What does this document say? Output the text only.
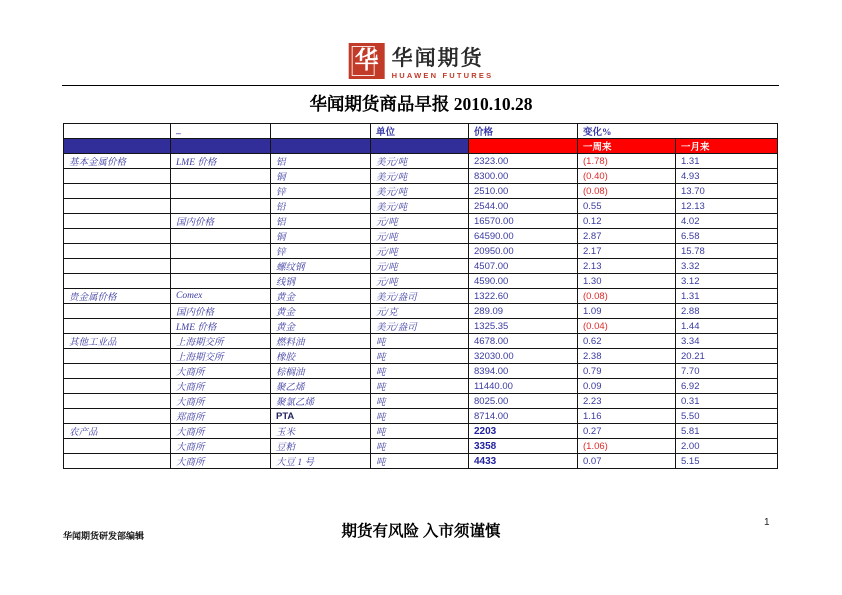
华 华闻期货
HUAWEN FUTURES
华闻期货商品早报 2010.10.28
	_		单位	价格	变化%	
					一周来	一月来
基本金属价格	LME 价格	铝	美元/吨	2323.00	(1.78)	1.31
		铜	美元/吨	8300.00	(0.40)	4.93
		锌	美元/吨	2510.00	(0.08)	13.70
		铅	美元/吨	2544.00	0.55	12.13
	国内价格	铝	元/吨	16570.00	0.12	4.02
		铜	元/吨	64590.00	2.87	6.58
		锌	元/吨	20950.00	2.17	15.78
		螺纹钢	元/吨	4507.00	2.13	3.32
		线钢	元/吨	4590.00	1.30	3.12
贵金属价格	Comex	黄金	美元/盎司	1322.60	(0.08)	1.31
	国内价格	黄金	元/克	289.09	1.09	2.88
	LME 价格	黄金	美元/盎司	1325.35	(0.04)	1.44
其他工业品	上海期交所	燃料油	吨	4678.00	0.62	3.34
	上海期交所	橡胶	吨	32030.00	2.38	20.21
	大商所	棕榈油	吨	8394.00	0.79	7.70
	大商所	聚乙烯	吨	11440.00	0.09	6.92
	大商所	聚氯乙烯	吨	8025.00	2.23	0.31
	郑商所	PTA	吨	8714.00	1.16	5.50
农产品	大商所	玉米	吨	2203	0.27	5.81
	大商所	豆粕	吨	3358	(1.06)	2.00
	大商所	大豆 1 号	吨	4433	0.07	5.15
华闻期货研发部编辑	期货有风险 入市须谨慎
1
